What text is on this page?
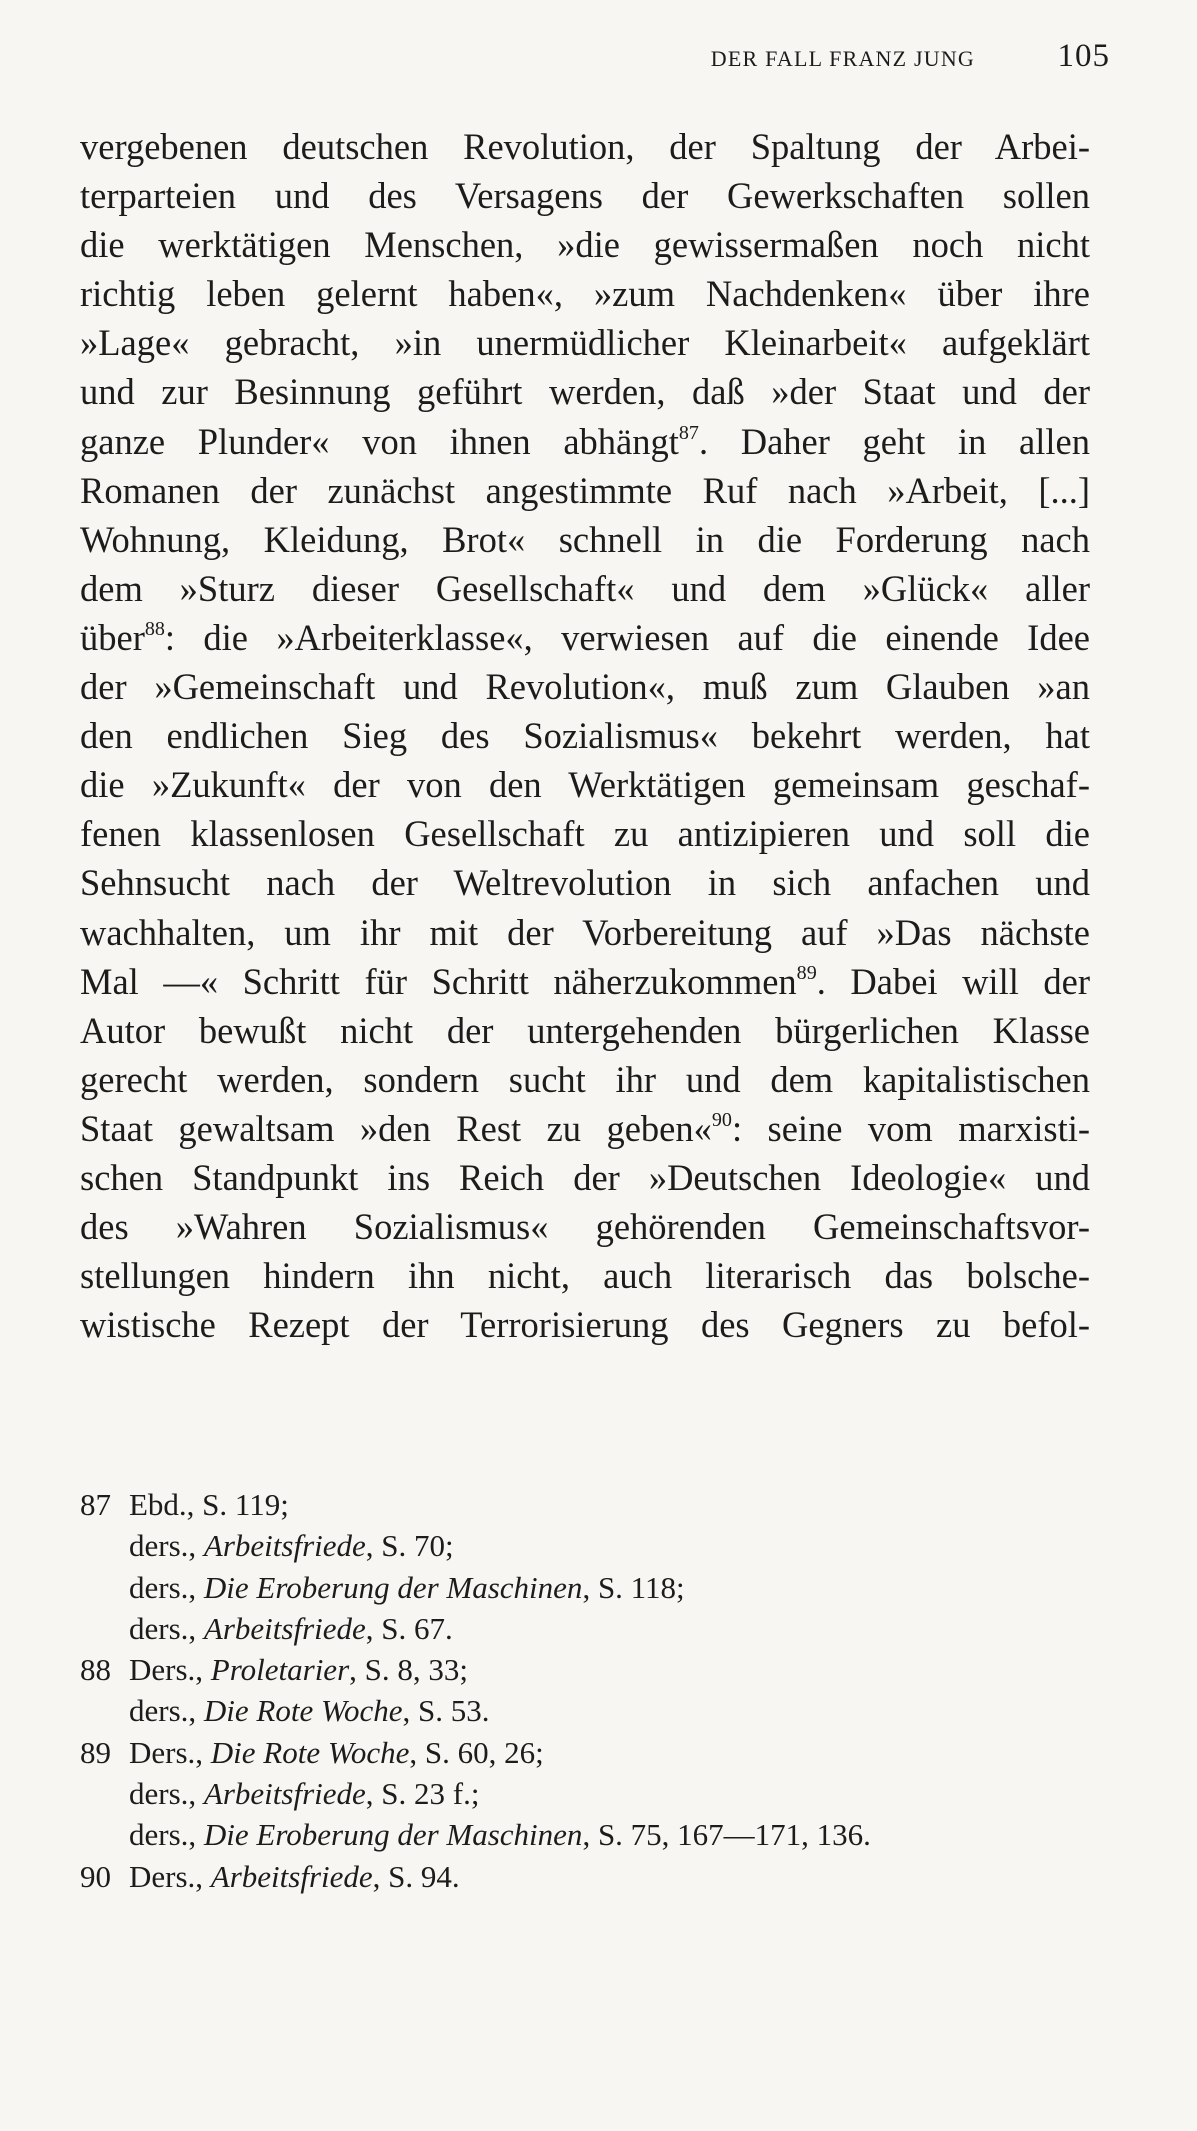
DER FALL FRANZ JUNG	105
vergebenen deutschen Revolution, der Spaltung der Arbei-
terparteien und des Versagens der Gewerkschaften sollen
die werktätigen Menschen, »die gewissermaßen noch nicht
richtig leben gelernt haben«, »zum Nachdenken« über ihre
»Lage« gebracht, »in unermüdlicher Kleinarbeit« aufgeklärt
und zur Besinnung geführt werden, daß »der Staat und der
ganze Plunder« von ihnen abhängt$^{87}$. Daher geht in allen
Romanen der zunächst angestimmte Ruf nach »Arbeit, [...]
Wohnung, Kleidung, Brot« schnell in die Forderung nach
dem »Sturz dieser Gesellschaft« und dem »Glück« aller
über$^{88}$: die »Arbeiterklasse«, verwiesen auf die einende Idee
der »Gemeinschaft und Revolution«, muß zum Glauben »an
den endlichen Sieg des Sozialismus« bekehrt werden, hat
die »Zukunft« der von den Werktätigen gemeinsam geschaf-
fenen klassenlosen Gesellschaft zu antizipieren und soll die
Sehnsucht nach der Weltrevolution in sich anfachen und
wachhalten, um ihr mit der Vorbereitung auf »Das nächste
Mal —« Schritt für Schritt näherzukommen$^{89}$. Dabei will der
Autor bewußt nicht der untergehenden bürgerlichen Klasse
gerecht werden, sondern sucht ihr und dem kapitalistischen
Staat gewaltsam »den Rest zu geben«$^{90}$: seine vom marxisti-
schen Standpunkt ins Reich der »Deutschen Ideologie« und
des »Wahren Sozialismus« gehörenden Gemeinschaftsvor-
stellungen hindern ihn nicht, auch literarisch das bolsche-
wistische Rezept der Terrorisierung des Gegners zu befol-
87 Ebd., S. 119;
ders., Arbeitsfriede, S. 70;
ders., Die Eroberung der Maschinen, S. 118;
ders., Arbeitsfriede, S. 67.
88 Ders., Proletarier, S. 8, 33;
ders., Die Rote Woche, S. 53.
89 Ders., Die Rote Woche, S. 60, 26;
ders., Arbeitsfriede, S. 23 f.;
ders., Die Eroberung der Maschinen, S. 75, 167—171, 136.
90 Ders., Arbeitsfriede, S. 94.
